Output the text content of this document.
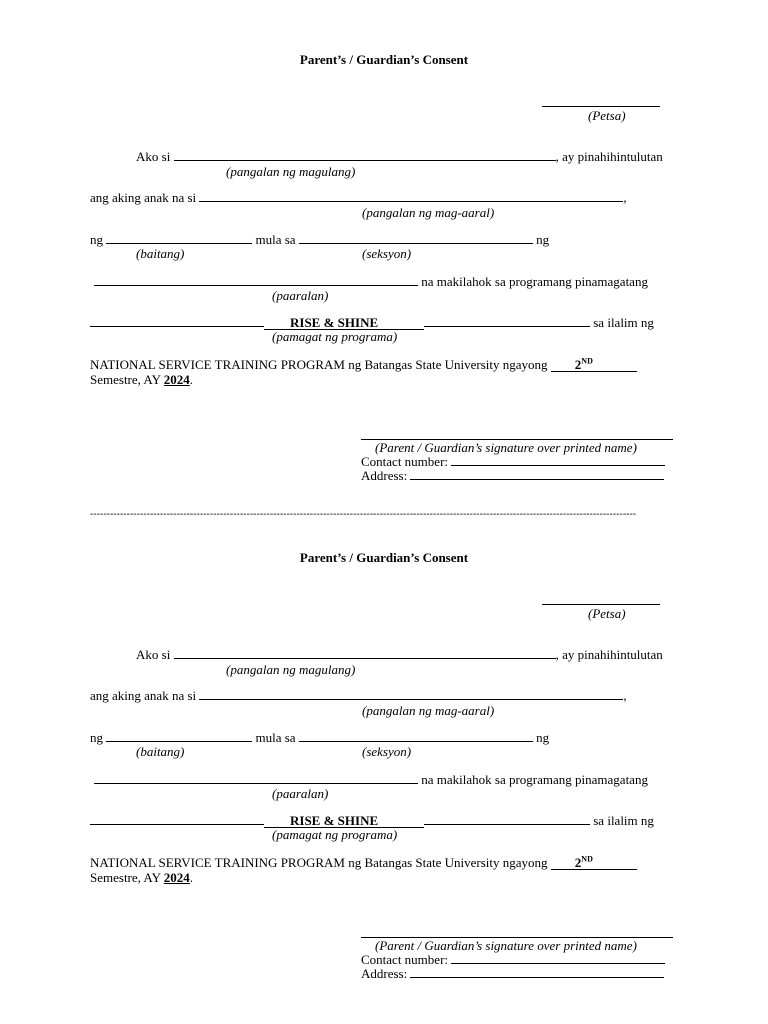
Parent’s / Guardian’s Consent
(Petsa)
Ako si	, ay pinahihintulutan
(pangalan ng magulang)
ang aking anak na si	,
(pangalan ng mag-aaral)
ng	mula sa	ng
(baitang)	(seksyon)
na makilahok sa programang pinamagatang
(paaralan)
RISE & SHINE	sa ilalim ng
(pamagat ng programa)
NATIONAL SERVICE TRAINING PROGRAM ng Batangas State University ngayong 2ND
Semestre, AY 2024.
(Parent / Guardian’s signature over printed name)
Contact number:
Address:
--------------------------------------------------------------------------------------------------------------------------------------------------------------------
Parent’s / Guardian’s Consent
(Petsa)
Ako si	, ay pinahihintulutan
(pangalan ng magulang)
ang aking anak na si	,
(pangalan ng mag-aaral)
ng	mula sa	ng
(baitang)	(seksyon)
na makilahok sa programang pinamagatang
(paaralan)
RISE & SHINE	sa ilalim ng
(pamagat ng programa)
NATIONAL SERVICE TRAINING PROGRAM ng Batangas State University ngayong 2ND
Semestre, AY 2024.
(Parent / Guardian’s signature over printed name)
Contact number:
Address:
